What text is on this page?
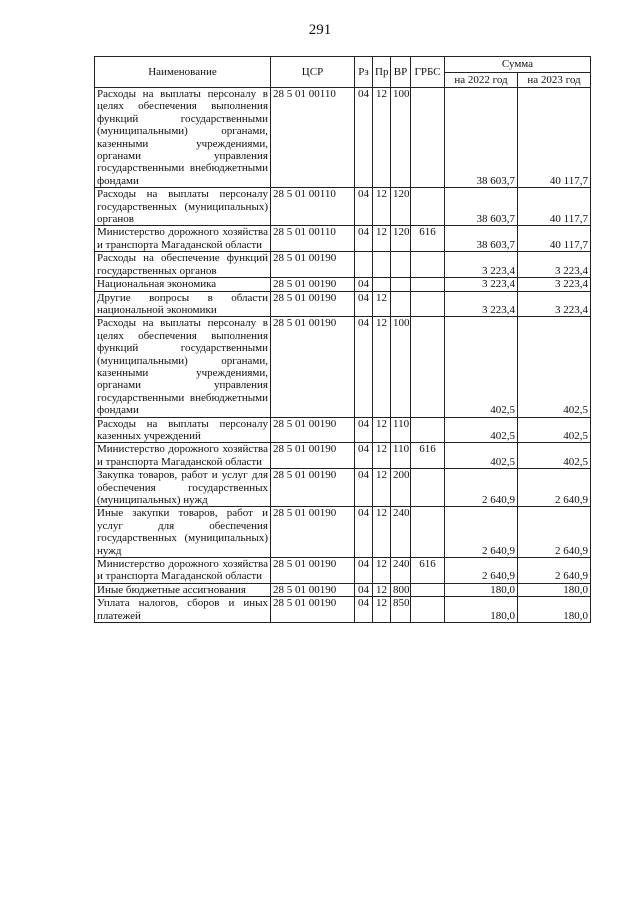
291
Наименование	ЦСР	Рз	Пр	ВР	ГРБС	Сумма	
						на 2022 год	на 2023 год
Расходы на выплаты персоналу в целях обеспечения выполнения функций государственными (муниципальными) органами, казенными учреждениями, органами управления государственными внебюджетными фондами	28 5 01 00110	04	12	100		38 603,7	40 117,7
Расходы на выплаты персоналу государственных (муниципальных) органов	28 5 01 00110	04	12	120		38 603,7	40 117,7
Министерство дорожного хозяйства и транспорта Магаданской области	28 5 01 00110	04	12	120	616	38 603,7	40 117,7
Расходы на обеспечение функций государственных органов	28 5 01 00190					3 223,4	3 223,4
Национальная экономика	28 5 01 00190	04				3 223,4	3 223,4
Другие вопросы в области национальной экономики	28 5 01 00190	04	12			3 223,4	3 223,4
Расходы на выплаты персоналу в целях обеспечения выполнения функций государственными (муниципальными) органами, казенными учреждениями, органами управления государственными внебюджетными фондами	28 5 01 00190	04	12	100		402,5	402,5
Расходы на выплаты персоналу казенных учреждений	28 5 01 00190	04	12	110		402,5	402,5
Министерство дорожного хозяйства и транспорта Магаданской области	28 5 01 00190	04	12	110	616	402,5	402,5
Закупка товаров, работ и услуг для обеспечения государственных (муниципальных) нужд	28 5 01 00190	04	12	200		2 640,9	2 640,9
Иные закупки товаров, работ и услуг для обеспечения государственных (муниципальных) нужд	28 5 01 00190	04	12	240		2 640,9	2 640,9
Министерство дорожного хозяйства и транспорта Магаданской области	28 5 01 00190	04	12	240	616	2 640,9	2 640,9
Иные бюджетные ассигнования	28 5 01 00190	04	12	800		180,0	180,0
Уплата налогов, сборов и иных платежей	28 5 01 00190	04	12	850		180,0	180,0
